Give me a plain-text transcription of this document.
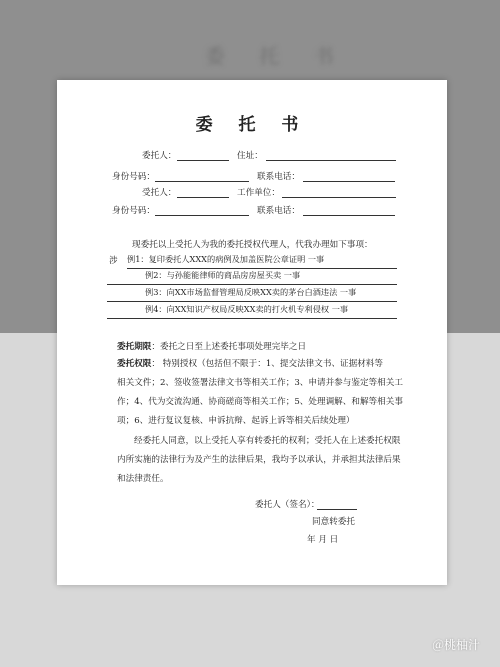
委 托 书
委 托 书
委托人：	住址：
身份号码：	联系电话：
受托人：	工作单位：
身份号码：	联系电话：
现委托以上受托人为我的委托授权代理人，代我办理如下事项：
涉 例1：复印委托人XXX的病例及加盖医院公章证明 一事
例2：与孙能能律师的商品房房屋买卖 一事
例3：向XX市场监督管理局反映XX卖的茅台白酒违法 一事
例4：向XX知识产权局反映XX卖的打火机专利侵权 一事
委托期限：委托之日至上述委托事项处理完毕之日
委托权限： 特别授权（包括但不限于：1、提交法律文书、证据材料等
相关文件；2、签收签署法律文书等相关工作；3、申请并参与鉴定等相关工
作；4、代为交流沟通、协商磋商等相关工作；5、处理调解、和解等相关事
项；6、进行复议复核、申诉抗辩、起诉上诉等相关后续处理）
经委托人同意，以上受托人享有转委托的权利；受托人在上述委托权限
内所实施的法律行为及产生的法律后果，我均予以承认，并承担其法律后果
和法律责任。
委托人（签名）：
同意转委托
年 月 日
＠桃柚汁
